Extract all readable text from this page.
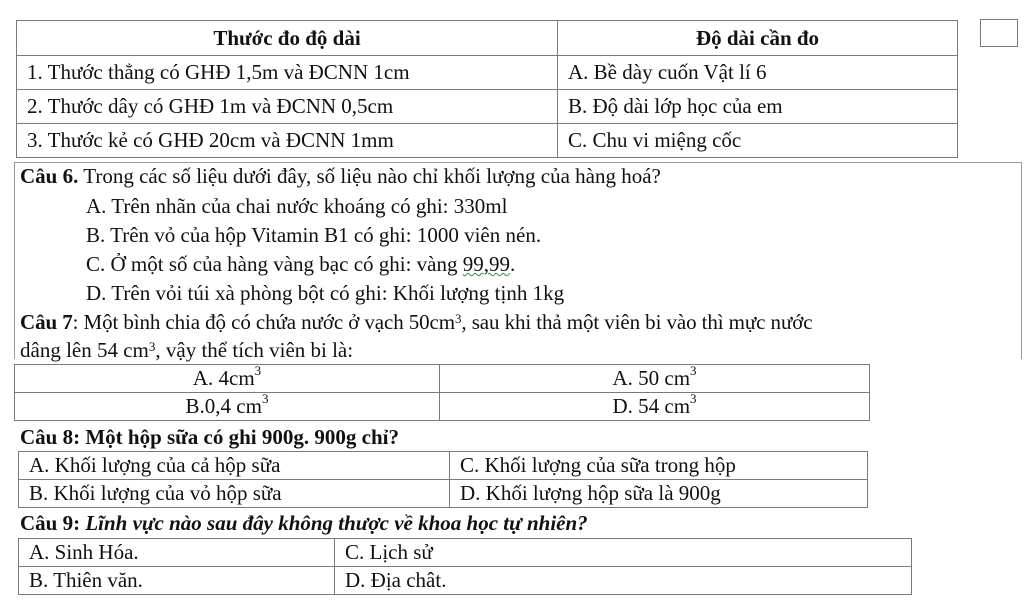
Thước đo độ dài	Độ dài cần đo
1. Thước thẳng có GHĐ 1,5m và ĐCNN 1cm	A. Bề dày cuốn Vật lí 6
2. Thước dây có GHĐ 1m và ĐCNN 0,5cm	B. Độ dài lớp học của em
3. Thước kẻ có GHĐ 20cm và ĐCNN 1mm	C. Chu vi miệng cốc
Câu 6. Trong các số liệu dưới đây, số liệu nào chỉ khối lượng của hàng hoá?
A. Trên nhãn của chai nước khoáng có ghi: 330ml
B. Trên vỏ của hộp Vitamin B1 có ghi: 1000 viên nén.
C. Ở một số của hàng vàng bạc có ghi: vàng 99,99.
D. Trên vỏi túi xà phòng bột có ghi: Khối lượng tịnh 1kg
Câu 7: Một bình chia độ có chứa nước ở vạch $50cm^3$, sau khi thả một viên bi vào thì mực nước
dâng lên 54 $cm^3$, vậy thể tích viên bi là:
A. $4cm^3$	A. 50 $cm^3$
B.0,4 $cm^3$	D. 54 $cm^3$
Câu 8: Một hộp sữa có ghi 900g. 900g chỉ?
A. Khối lượng của cả hộp sữa	C. Khối lượng của sữa trong hộp
B. Khối lượng của vỏ hộp sữa	D. Khối lượng hộp sữa là 900g
Câu 9: Lĩnh vực nào sau đây không thược về khoa học tự nhiên?
A. Sinh Hóa.	C. Lịch sử
B. Thiên văn.	D. Địa chât.
